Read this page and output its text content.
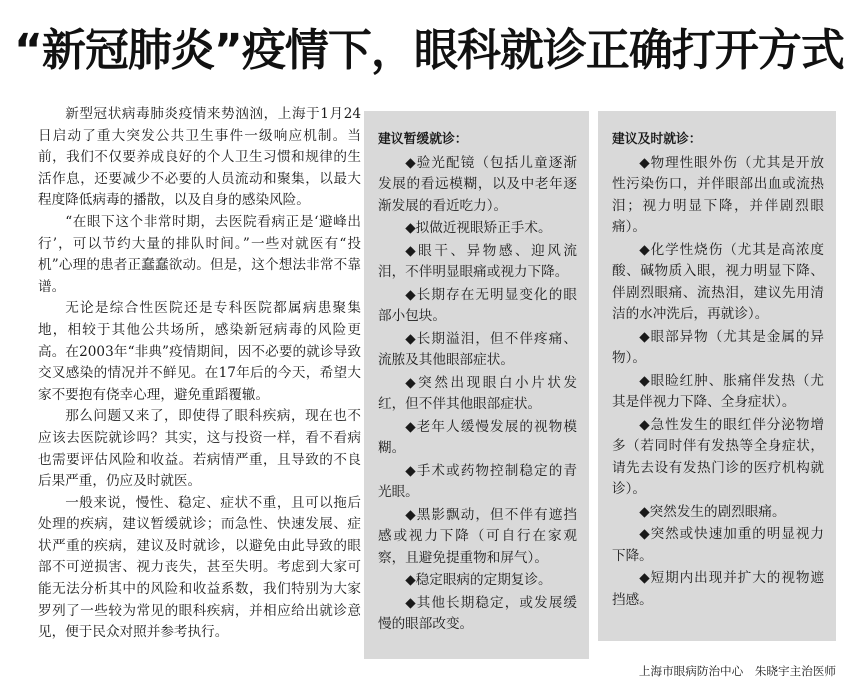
“新冠肺炎”疫情下，眼科就诊正确打开方式

新型冠状病毒肺炎疫情来势汹汹，上海于1月24日启动了重大突发公共卫生事件一级响应机制。当前，我们不仅要养成良好的个人卫生习惯和规律的生活作息，还要减少不必要的人员流动和聚集，以最大程度降低病毒的播散，以及自身的感染风险。

“在眼下这个非常时期，去医院看病正是‘避峰出行’，可以节约大量的排队时间。”一些对就医有“投机”心理的患者正蠢蠢欲动。但是，这个想法非常不靠谱。

无论是综合性医院还是专科医院都属病患聚集地，相较于其他公共场所，感染新冠病毒的风险更高。在2003年“非典”疫情期间，因不必要的就诊导致交叉感染的情况并不鲜见。在17年后的今天，希望大家不要抱有侥幸心理，避免重蹈覆辙。

那么问题又来了，即使得了眼科疾病，现在也不应该去医院就诊吗？其实，这与投资一样，看不看病也需要评估风险和收益。若病情严重，且导致的不良后果严重，仍应及时就医。

一般来说，慢性、稳定、症状不重，且可以拖后处理的疾病，建议暂缓就诊；而急性、快速发展、症状严重的疾病，建议及时就诊，以避免由此导致的眼部不可逆损害、视力丧失，甚至失明。考虑到大家可能无法分析其中的风险和收益系数，我们特别为大家罗列了一些较为常见的眼科疾病，并相应给出就诊意见，便于民众对照并参考执行。

建议暂缓就诊：

◆验光配镜（包括儿童逐渐发展的看远模糊，以及中老年逐渐发展的看近吃力）。

◆拟做近视眼矫正手术。

◆眼干、异物感、迎风流泪，不伴明显眼痛或视力下降。

◆长期存在无明显变化的眼部小包块。

◆长期溢泪，但不伴疼痛、流脓及其他眼部症状。

◆突然出现眼白小片状发红，但不伴其他眼部症状。

◆老年人缓慢发展的视物模糊。

◆手术或药物控制稳定的青光眼。

◆黑影飘动，但不伴有遮挡感或视力下降（可自行在家观察，且避免提重物和屏气）。

◆稳定眼病的定期复诊。

◆其他长期稳定，或发展缓慢的眼部改变。

建议及时就诊：

◆物理性眼外伤（尤其是开放性污染伤口，并伴眼部出血或流热泪；视力明显下降，并伴剧烈眼痛）。

◆化学性烧伤（尤其是高浓度酸、碱物质入眼，视力明显下降、伴剧烈眼痛、流热泪，建议先用清洁的水冲洗后，再就诊）。

◆眼部异物（尤其是金属的异物）。

◆眼睑红肿、胀痛伴发热（尤其是伴视力下降、全身症状）。

◆急性发生的眼红伴分泌物增多（若同时伴有发热等全身症状，请先去设有发热门诊的医疗机构就诊）。

◆突然发生的剧烈眼痛。

◆突然或快速加重的明显视力下降。

◆短期内出现并扩大的视物遮挡感。

上海市眼病防治中心　朱晓宇主治医师
